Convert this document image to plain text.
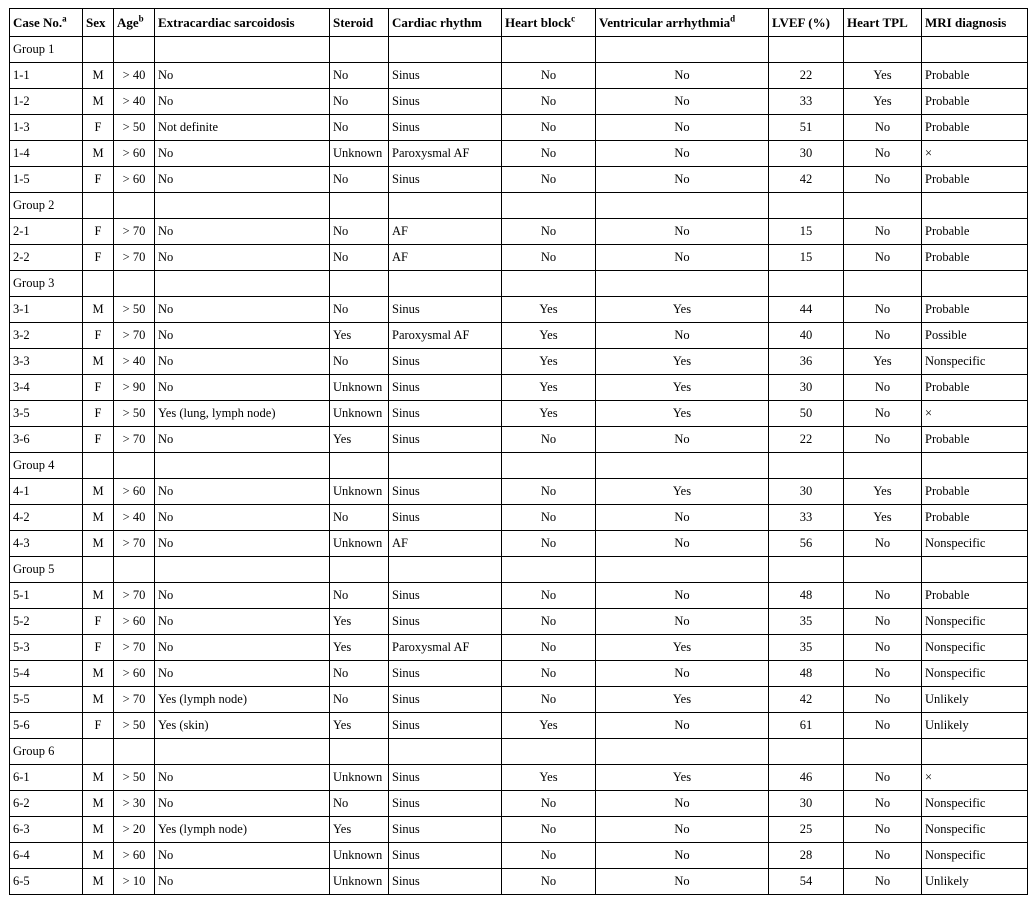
Case No.$^a$	Sex	Age$^b$	Extracardiac sarcoidosis	Steroid	Cardiac rhythm	Heart block$^c$	Ventricular arrhythmia$^d$	LVEF (%)	Heart TPL	MRI diagnosis
Group 1										
1-1	M	> 40	No	No	Sinus	No	No	22	Yes	Probable
1-2	M	> 40	No	No	Sinus	No	No	33	Yes	Probable
1-3	F	> 50	Not definite	No	Sinus	No	No	51	No	Probable
1-4	M	> 60	No	Unknown	Paroxysmal AF	No	No	30	No	×
1-5	F	> 60	No	No	Sinus	No	No	42	No	Probable
Group 2										
2-1	F	> 70	No	No	AF	No	No	15	No	Probable
2-2	F	> 70	No	No	AF	No	No	15	No	Probable
Group 3										
3-1	M	> 50	No	No	Sinus	Yes	Yes	44	No	Probable
3-2	F	> 70	No	Yes	Paroxysmal AF	Yes	No	40	No	Possible
3-3	M	> 40	No	No	Sinus	Yes	Yes	36	Yes	Nonspecific
3-4	F	> 90	No	Unknown	Sinus	Yes	Yes	30	No	Probable
3-5	F	> 50	Yes (lung, lymph node)	Unknown	Sinus	Yes	Yes	50	No	×
3-6	F	> 70	No	Yes	Sinus	No	No	22	No	Probable
Group 4										
4-1	M	> 60	No	Unknown	Sinus	No	Yes	30	Yes	Probable
4-2	M	> 40	No	No	Sinus	No	No	33	Yes	Probable
4-3	M	> 70	No	Unknown	AF	No	No	56	No	Nonspecific
Group 5										
5-1	M	> 70	No	No	Sinus	No	No	48	No	Probable
5-2	F	> 60	No	Yes	Sinus	No	No	35	No	Nonspecific
5-3	F	> 70	No	Yes	Paroxysmal AF	No	Yes	35	No	Nonspecific
5-4	M	> 60	No	No	Sinus	No	No	48	No	Nonspecific
5-5	M	> 70	Yes (lymph node)	No	Sinus	No	Yes	42	No	Unlikely
5-6	F	> 50	Yes (skin)	Yes	Sinus	Yes	No	61	No	Unlikely
Group 6										
6-1	M	> 50	No	Unknown	Sinus	Yes	Yes	46	No	×
6-2	M	> 30	No	No	Sinus	No	No	30	No	Nonspecific
6-3	M	> 20	Yes (lymph node)	Yes	Sinus	No	No	25	No	Nonspecific
6-4	M	> 60	No	Unknown	Sinus	No	No	28	No	Nonspecific
6-5	M	> 10	No	Unknown	Sinus	No	No	54	No	Unlikely
